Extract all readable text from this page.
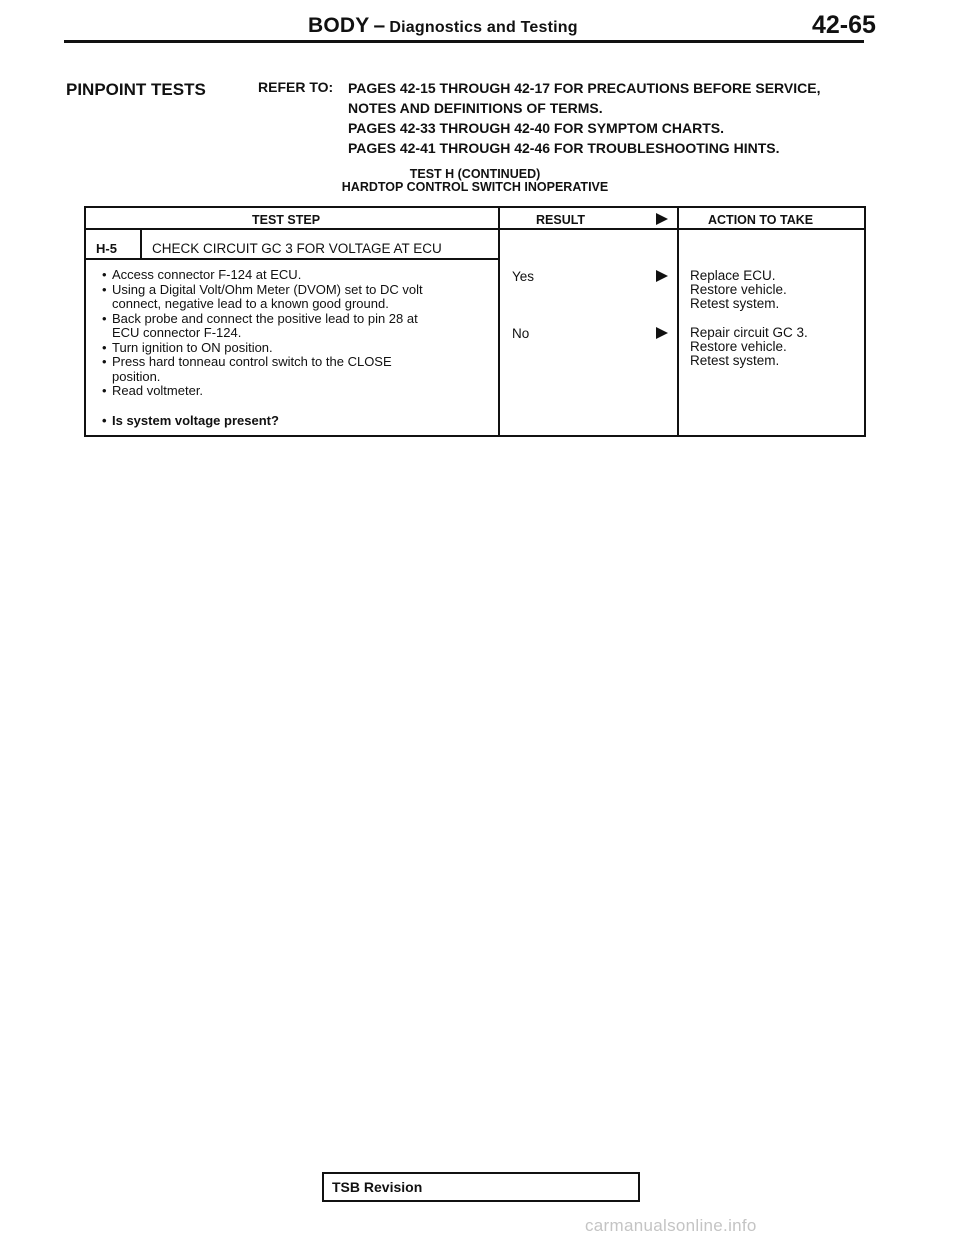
BODY – Diagnostics and Testing	42-65
PINPOINT TESTS	REFER TO: PAGES 42-15 THROUGH 42-17 FOR PRECAUTIONS BEFORE SERVICE,
NOTES AND DEFINITIONS OF TERMS.
PAGES 42-33 THROUGH 42-40 FOR SYMPTOM CHARTS.
PAGES 42-41 THROUGH 42-46 FOR TROUBLESHOOTING HINTS.
TEST H (CONTINUED)
HARDTOP CONTROL SWITCH INOPERATIVE
TEST STEP	RESULT	ACTION TO TAKE
H-5	CHECK CIRCUIT GC 3 FOR VOLTAGE AT ECU
• Access connector F-124 at ECU.
• Using a Digital Volt/Ohm Meter (DVOM) set to DC volt
connect, negative lead to a known good ground.
• Back probe and connect the positive lead to pin 28 at
ECU connector F-124.
• Turn ignition to ON position.
• Press hard tonneau control switch to the CLOSE
position.
• Read voltmeter.
• Is system voltage present?
Yes	Replace ECU.
Restore vehicle.
Retest system.
No	Repair circuit GC 3.
Restore vehicle.
Retest system.
TSB Revision
carmanualsonline.info
